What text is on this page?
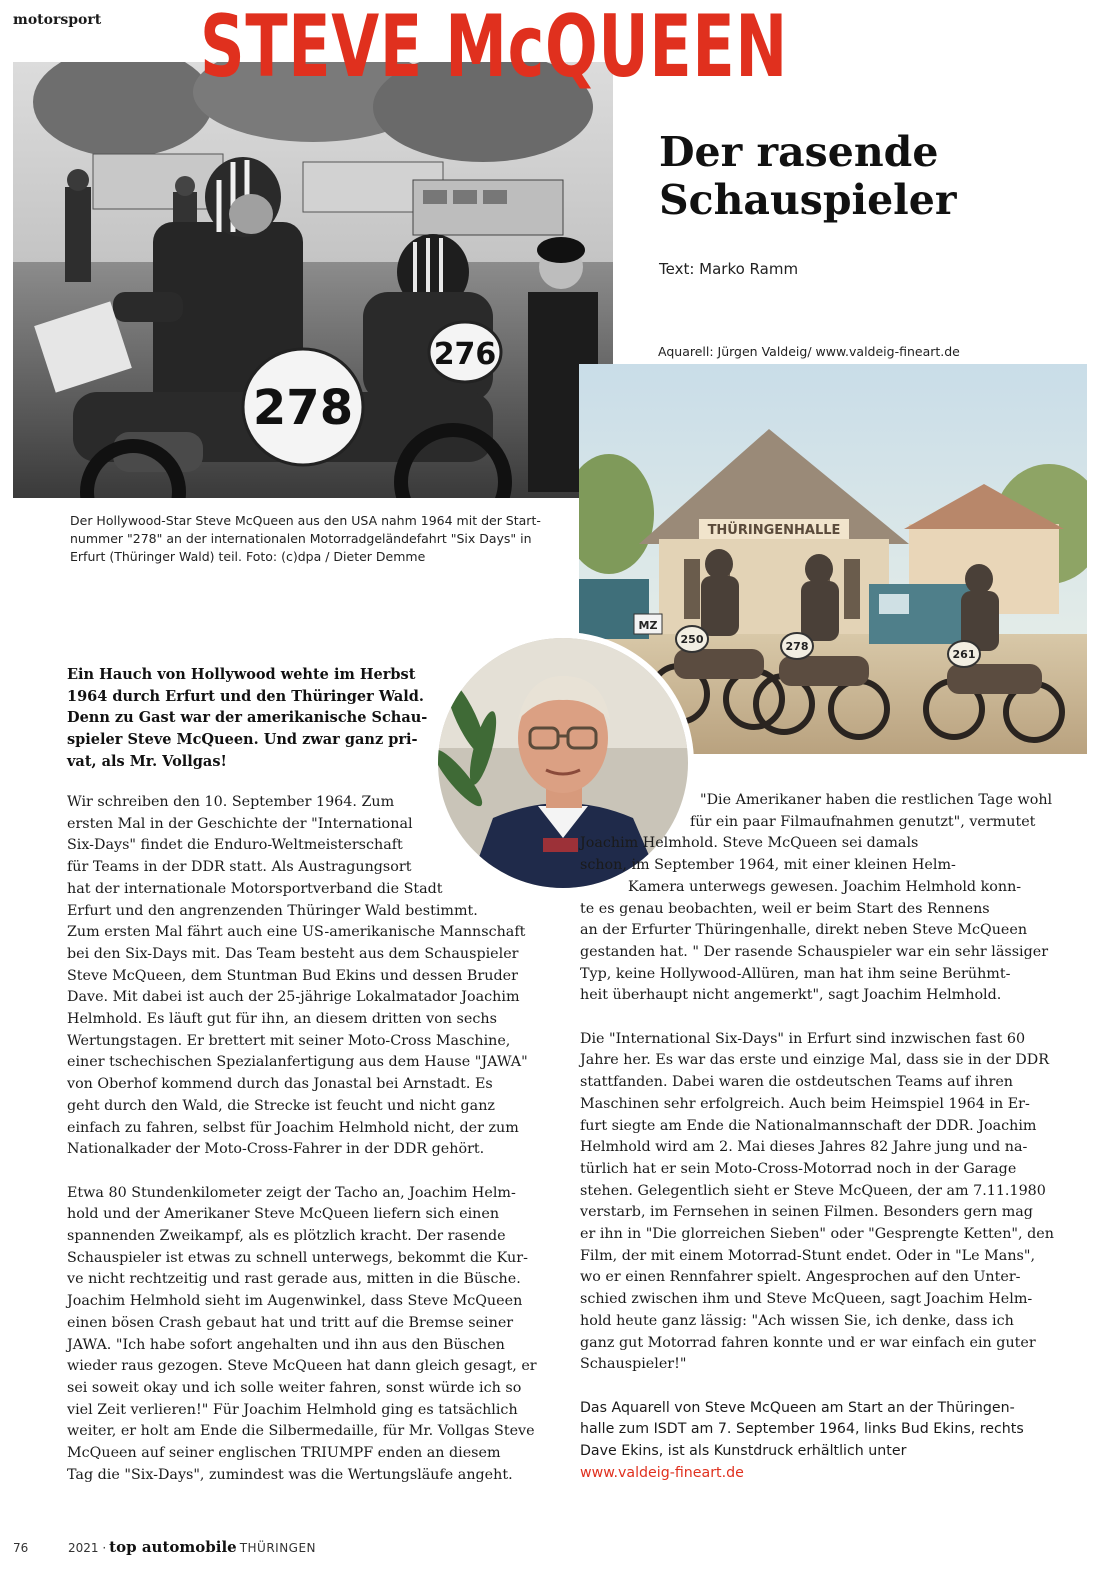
motorsport
278
276
STEVE McQUEEN
Der rasende
Schauspieler
Text: Marko Ramm
Aquarell: Jürgen Valdeig/ www.valdeig-fineart.de
THÜRINGENHALLE
MZ
250
278
261
Der Hollywood-Star Steve McQueen aus den USA nahm 1964 mit der Start-
nummer "278" an der internationalen Motorradgeländefahrt "Six Days" in
Erfurt (Thüringer Wald) teil. Foto: (c)dpa / Dieter Demme
Ein Hauch von Hollywood wehte im Herbst
1964 durch Erfurt und den Thüringer Wald.
Denn zu Gast war der amerikanische Schau-
spieler Steve McQueen. Und zwar ganz pri-
vat, als Mr. Vollgas!
Wir schreiben den 10. September 1964. Zum
ersten Mal in der Geschichte der "International
Six-Days" findet die Enduro-Weltmeisterschaft
für Teams in der DDR statt. Als Austragungsort
hat der internationale Motorsportverband die Stadt
Erfurt und den angrenzenden Thüringer Wald bestimmt.
Zum ersten Mal fährt auch eine US-amerikanische Mannschaft
bei den Six-Days mit. Das Team besteht aus dem Schauspieler
Steve McQueen, dem Stuntman Bud Ekins und dessen Bruder
Dave. Mit dabei ist auch der 25-jährige Lokalmatador Joachim
Helmhold. Es läuft gut für ihn, an diesem dritten von sechs
Wertungstagen. Er brettert mit seiner Moto-Cross Maschine,
einer tschechischen Spezialanfertigung aus dem Hause "JAWA"
von Oberhof kommend durch das Jonastal bei Arnstadt. Es
geht durch den Wald, die Strecke ist feucht und nicht ganz
einfach zu fahren, selbst für Joachim Helmhold nicht, der zum
Nationalkader der Moto-Cross-Fahrer in der DDR gehört.
Etwa 80 Stundenkilometer zeigt der Tacho an, Joachim Helm-
hold und der Amerikaner Steve McQueen liefern sich einen
spannenden Zweikampf, als es plötzlich kracht. Der rasende
Schauspieler ist etwas zu schnell unterwegs, bekommt die Kur-
ve nicht rechtzeitig und rast gerade aus, mitten in die Büsche.
Joachim Helmhold sieht im Augenwinkel, dass Steve McQueen
einen bösen Crash gebaut hat und tritt auf die Bremse seiner
JAWA. "Ich habe sofort angehalten und ihn aus den Büschen
wieder raus gezogen. Steve McQueen hat dann gleich gesagt, er
sei soweit okay und ich solle weiter fahren, sonst würde ich so
viel Zeit verlieren!" Für Joachim Helmhold ging es tatsächlich
weiter, er holt am Ende die Silbermedaille, für Mr. Vollgas Steve
McQueen auf seiner englischen TRIUMPF enden an diesem
Tag die "Six-Days", zumindest was die Wertungsläufe angeht.
"Die Amerikaner haben die restlichen Tage wohl
für ein paar Filmaufnahmen genutzt", vermutet
Joachim Helmhold. Steve McQueen sei damals
schon, im September 1964, mit einer kleinen Helm-
Kamera unterwegs gewesen. Joachim Helmhold konn-
te es genau beobachten, weil er beim Start des Rennens
an der Erfurter Thüringenhalle, direkt neben Steve McQueen
gestanden hat. " Der rasende Schauspieler war ein sehr lässiger
Typ, keine Hollywood-Allüren, man hat ihm seine Berühmt-
heit überhaupt nicht angemerkt", sagt Joachim Helmhold.
Die "International Six-Days" in Erfurt sind inzwischen fast 60
Jahre her. Es war das erste und einzige Mal, dass sie in der DDR
stattfanden. Dabei waren die ostdeutschen Teams auf ihren
Maschinen sehr erfolgreich. Auch beim Heimspiel 1964 in Er-
furt siegte am Ende die Nationalmannschaft der DDR. Joachim
Helmhold wird am 2. Mai dieses Jahres 82 Jahre jung und na-
türlich hat er sein Moto-Cross-Motorrad noch in der Garage
stehen. Gelegentlich sieht er Steve McQueen, der am 7.11.1980
verstarb, im Fernsehen in seinen Filmen. Besonders gern mag
er ihn in "Die glorreichen Sieben" oder "Gesprengte Ketten", den
Film, der mit einem Motorrad-Stunt endet. Oder in "Le Mans",
wo er einen Rennfahrer spielt. Angesprochen auf den Unter-
schied zwischen ihm und Steve McQueen, sagt Joachim Helm-
hold heute ganz lässig: "Ach wissen Sie, ich denke, dass ich
ganz gut Motorrad fahren konnte und er war einfach ein guter
Schauspieler!"
Das Aquarell von Steve McQueen am Start an der Thüringen-
halle zum ISDT am 7. September 1964, links Bud Ekins, rechts
Dave Ekins, ist als Kunstdruck erhältlich unter
www.valdeig-fineart.de
76	2021 · top automobile THÜRINGEN
